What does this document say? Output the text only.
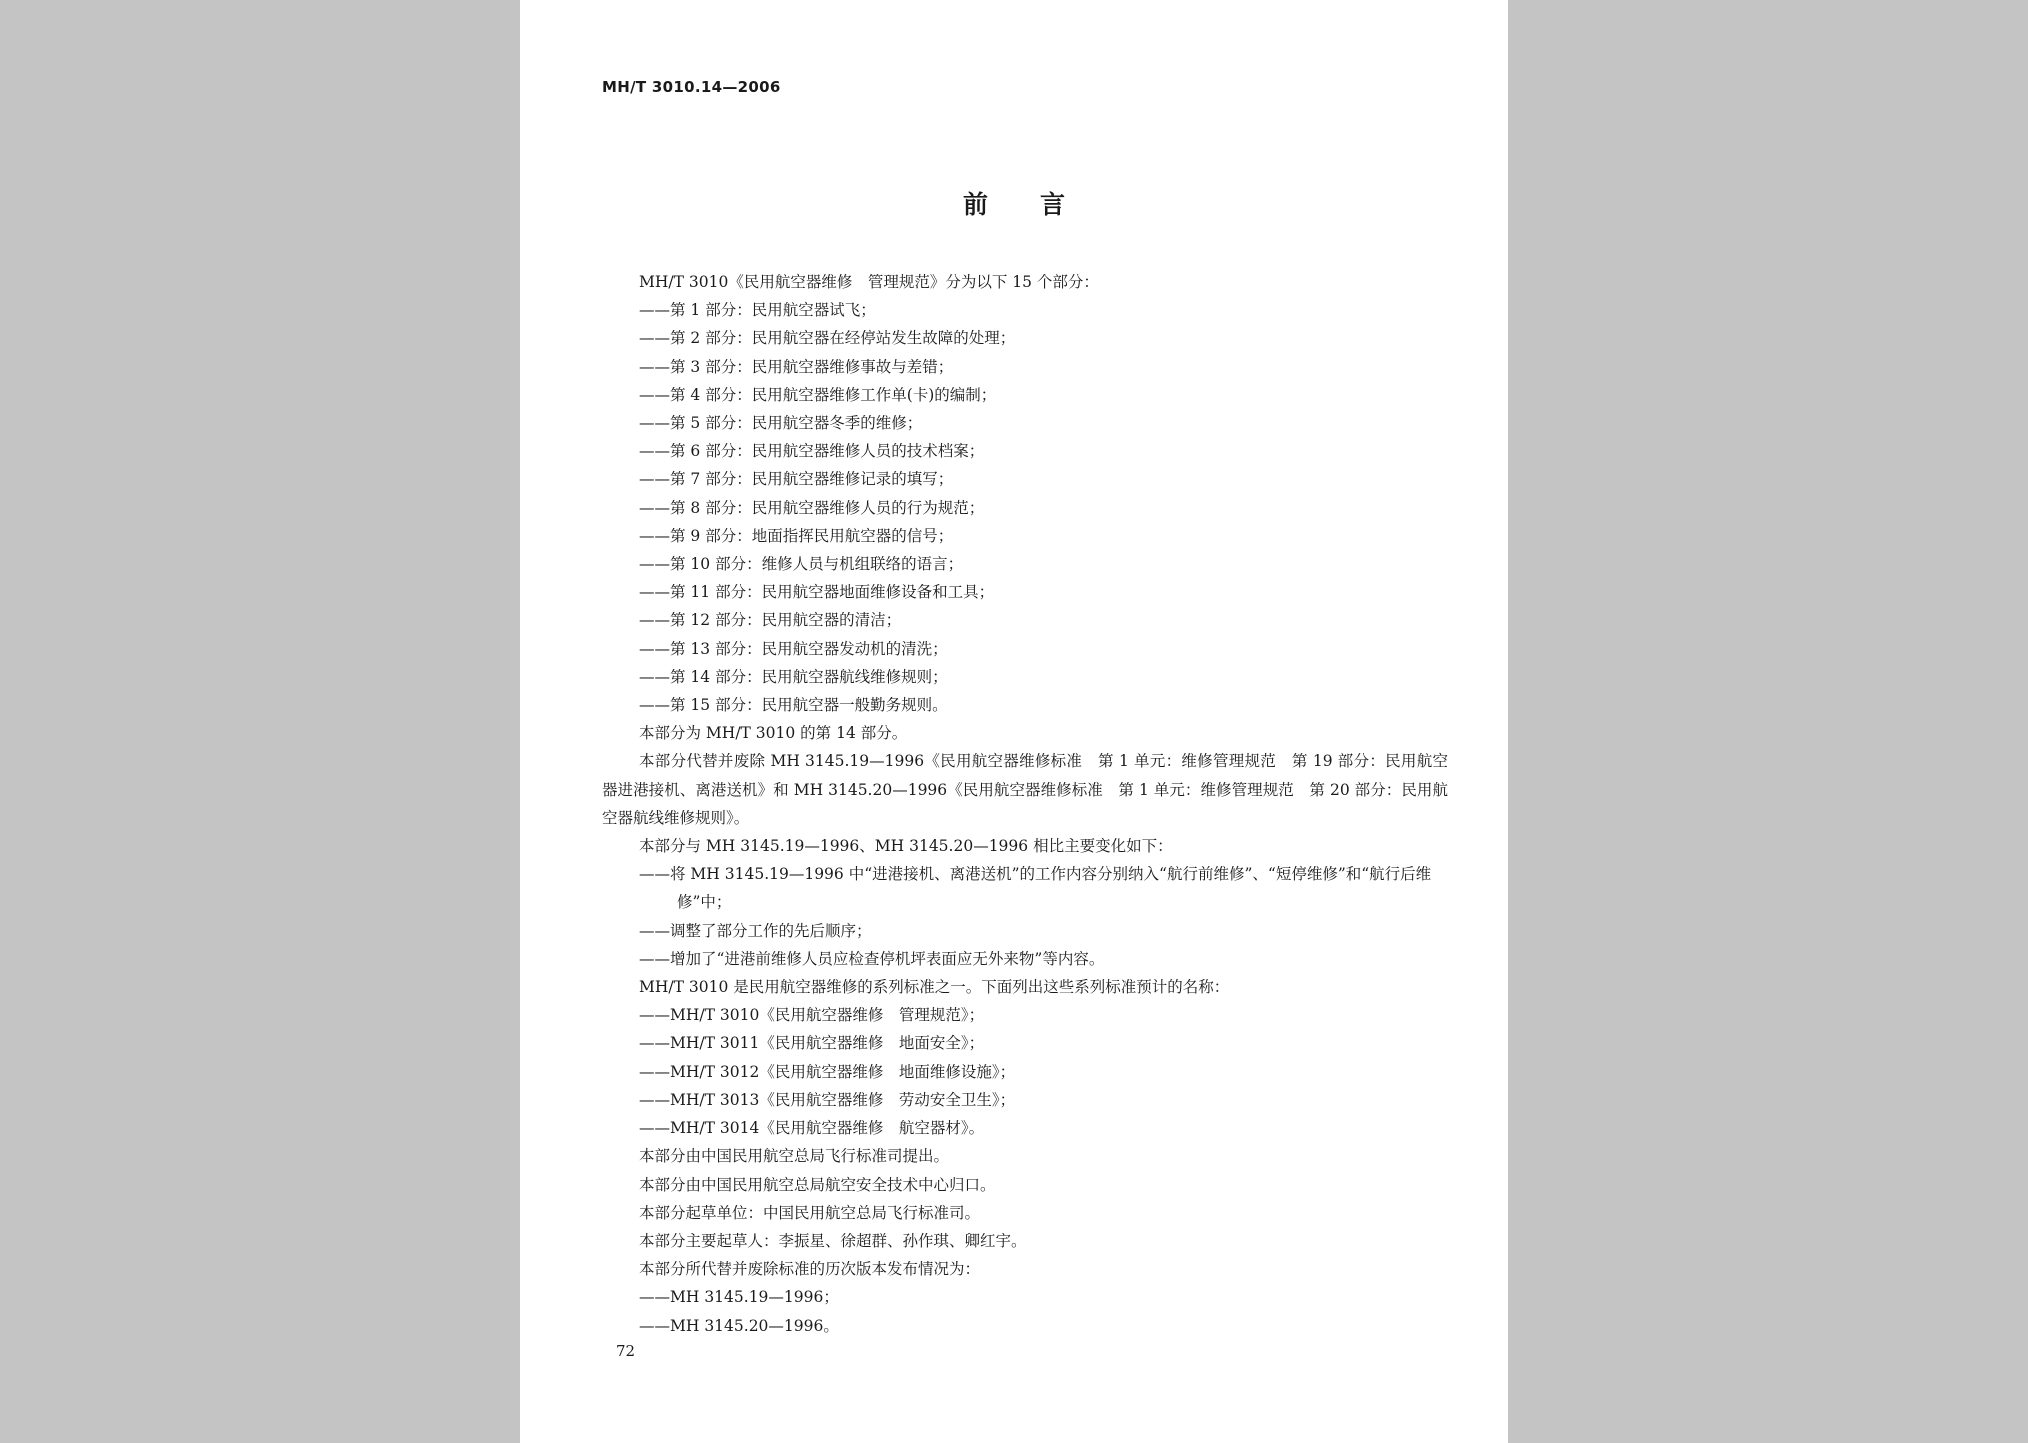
MH/T 3010.14—2006
前言
MH/T 3010《民用航空器维修　管理规范》分为以下 15 个部分：
——第 1 部分：民用航空器试飞；
——第 2 部分：民用航空器在经停站发生故障的处理；
——第 3 部分：民用航空器维修事故与差错；
——第 4 部分：民用航空器维修工作单(卡)的编制；
——第 5 部分：民用航空器冬季的维修；
——第 6 部分：民用航空器维修人员的技术档案；
——第 7 部分：民用航空器维修记录的填写；
——第 8 部分：民用航空器维修人员的行为规范；
——第 9 部分：地面指挥民用航空器的信号；
——第 10 部分：维修人员与机组联络的语言；
——第 11 部分：民用航空器地面维修设备和工具；
——第 12 部分：民用航空器的清洁；
——第 13 部分：民用航空器发动机的清洗；
——第 14 部分：民用航空器航线维修规则；
——第 15 部分：民用航空器一般勤务规则。
本部分为 MH/T 3010 的第 14 部分。
本部分代替并废除 MH 3145.19—1996《民用航空器维修标准　第 1 单元：维修管理规范　第 19 部分：民用航空器进港接机、离港送机》和 MH 3145.20—1996《民用航空器维修标准　第 1 单元：维修管理规范　第 20 部分：民用航空器航线维修规则》。
本部分与 MH 3145.19—1996、MH 3145.20—1996 相比主要变化如下：
——将 MH 3145.19—1996 中“进港接机、离港送机”的工作内容分别纳入“航行前维修”、“短停维修”和“航行后维修”中；
——调整了部分工作的先后顺序；
——增加了“进港前维修人员应检查停机坪表面应无外来物”等内容。
MH/T 3010 是民用航空器维修的系列标准之一。下面列出这些系列标准预计的名称：
——MH/T 3010《民用航空器维修　管理规范》；
——MH/T 3011《民用航空器维修　地面安全》；
——MH/T 3012《民用航空器维修　地面维修设施》；
——MH/T 3013《民用航空器维修　劳动安全卫生》；
——MH/T 3014《民用航空器维修　航空器材》。
本部分由中国民用航空总局飞行标准司提出。
本部分由中国民用航空总局航空安全技术中心归口。
本部分起草单位：中国民用航空总局飞行标准司。
本部分主要起草人：李振星、徐超群、孙作琪、卿红宇。
本部分所代替并废除标准的历次版本发布情况为：
——MH 3145.19—1996；
——MH 3145.20—1996。
72
